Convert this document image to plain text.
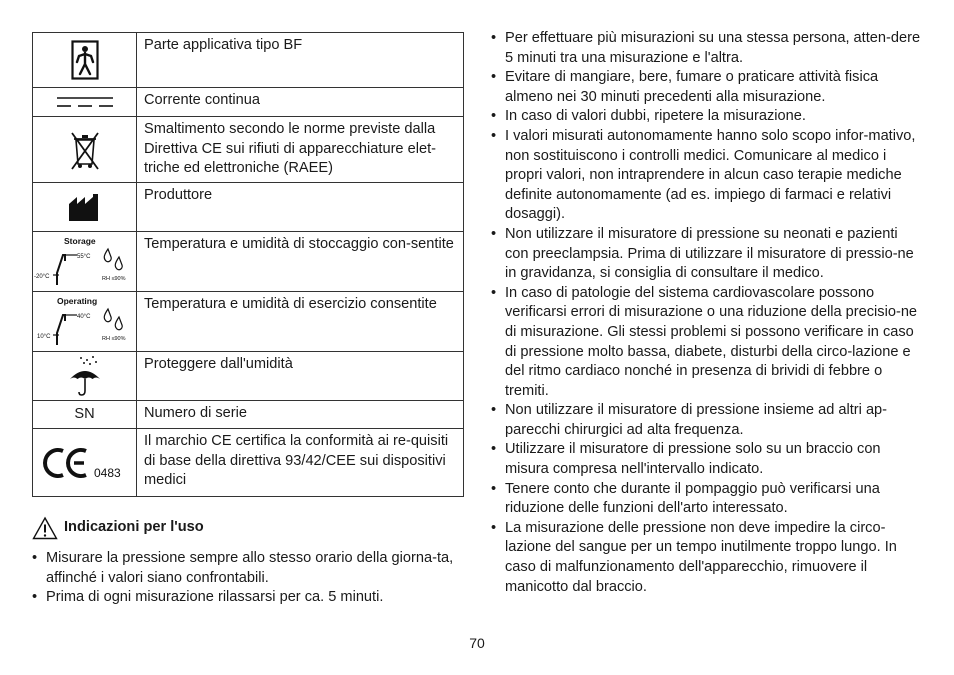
	Parte applicativa tipo BF

	Corrente continua

	Smaltimento secondo le norme previste dalla Direttiva CE sui rifiuti di apparecchiature elet-triche ed elettroniche (RAEE)

	Produttore

Storage
55°C
-20°C RH ≤90%	Temperatura e umidità di stoccaggio con-sentite

Operating
40°C
10°C RH ≤90%	Temperatura e umidità di esercizio consentite

	Proteggere dall'umidità
SN	Numero di serie

0483	Il marchio CE certifica la conformità ai re-quisiti di base della direttiva 93/42/CEE sui dispositivi medici
Indicazioni per l'uso
• Misurare la pressione sempre allo stesso orario della giorna-ta, affinché i valori siano confrontabili.
• Prima di ogni misurazione rilassarsi per ca. 5 minuti.
• Per effettuare più misurazioni su una stessa persona, atten-dere 5 minuti tra una misurazione e l'altra.
• Evitare di mangiare, bere, fumare o praticare attività fisica almeno nei 30 minuti precedenti alla misurazione.
• In caso di valori dubbi, ripetere la misurazione.
• I valori misurati autonomamente hanno solo scopo infor-mativo, non sostituiscono i controlli medici. Comunicare al medico i propri valori, non intraprendere in alcun caso terapie mediche definite autonomamente (ad es. impiego di farmaci e relativi dosaggi).
• Non utilizzare il misuratore di pressione su neonati e pazienti con preeclampsia. Prima di utilizzare il misuratore di pressio-ne in gravidanza, si consiglia di consultare il medico.
• In caso di patologie del sistema cardiovascolare possono verificarsi errori di misurazione o una riduzione della precisio-ne di misurazione. Gli stessi problemi si possono verificare in caso di pressione molto bassa, diabete, disturbi della circo-lazione e del ritmo cardiaco nonché in presenza di brividi di febbre o tremiti.
• Non utilizzare il misuratore di pressione insieme ad altri ap-parecchi chirurgici ad alta frequenza.
• Utilizzare il misuratore di pressione solo su un braccio con misura compresa nell'intervallo indicato.
• Tenere conto che durante il pompaggio può verificarsi una riduzione delle funzioni dell'arto interessato.
• La misurazione delle pressione non deve impedire la circo-lazione del sangue per un tempo inutilmente troppo lungo. In caso di malfunzionamento dell'apparecchio, rimuovere il manicotto dal braccio.
70
